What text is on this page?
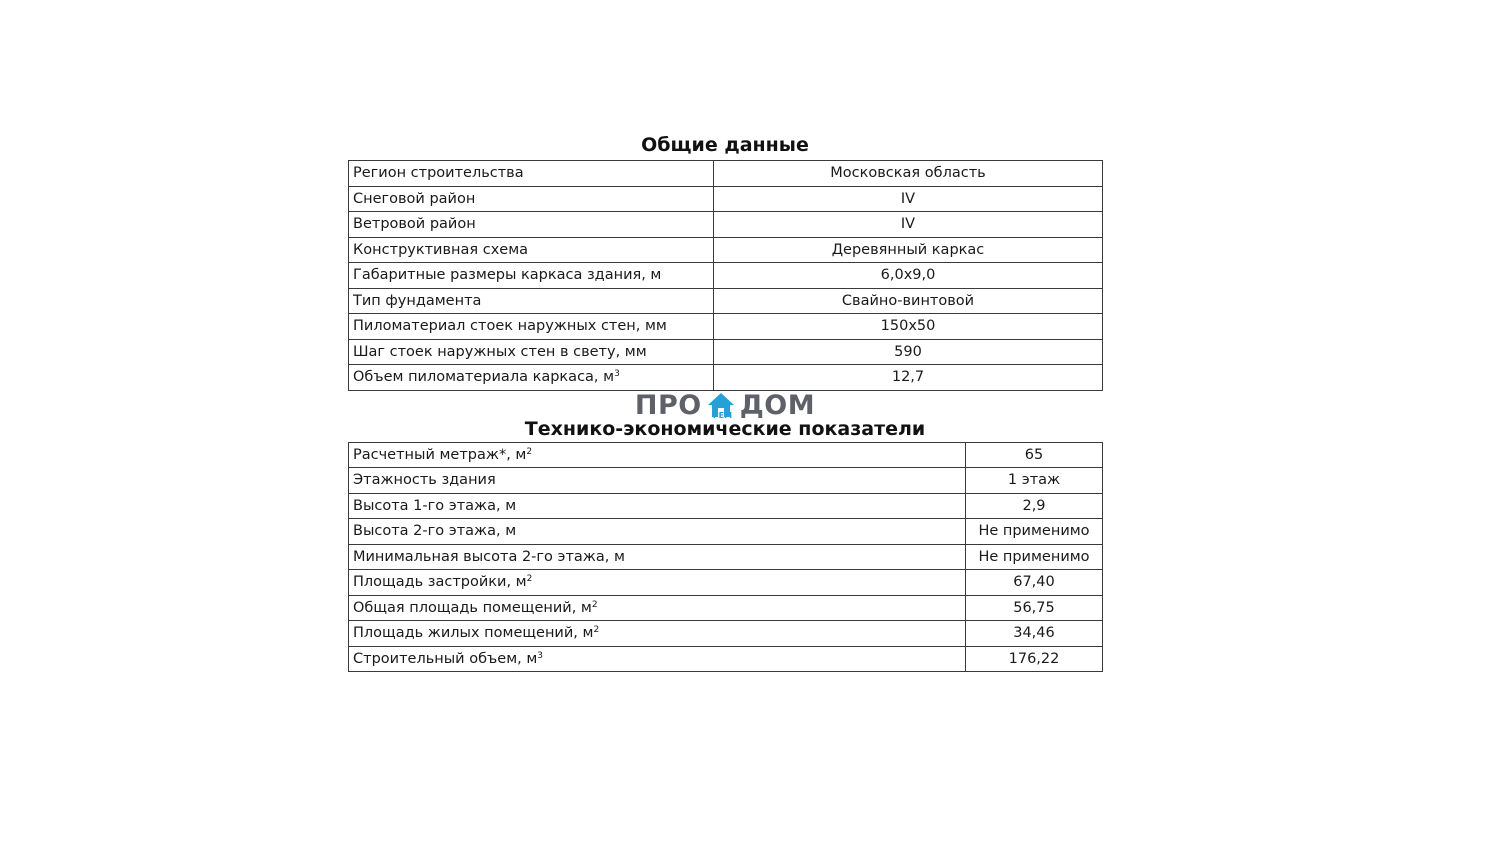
Общие данные
Регион строительства	Московская область
Снеговой район	IV
Ветровой район	IV
Конструктивная схема	Деревянный каркас
Габаритные размеры каркаса здания, м	6,0х9,0
Тип фундамента	Свайно-винтовой
Пиломатериал стоек наружных стен, мм	150х50
Шаг стоек наружных стен в свету, мм	590
Объем пиломатериала каркаса, $м^3$	12,7
ПРО РЕМ ДОМ
Технико-экономические показатели
Расчетный метраж*, $м^2$	65
Этажность здания	1 этаж
Высота 1-го этажа, м	2,9
Высота 2-го этажа, м	Не применимо
Минимальная высота 2-го этажа, м	Не применимо
Площадь застройки, $м^2$	67,40
Общая площадь помещений, $м^2$	56,75
Площадь жилых помещений, $м^2$	34,46
Строительный объем, $м^3$	176,22
